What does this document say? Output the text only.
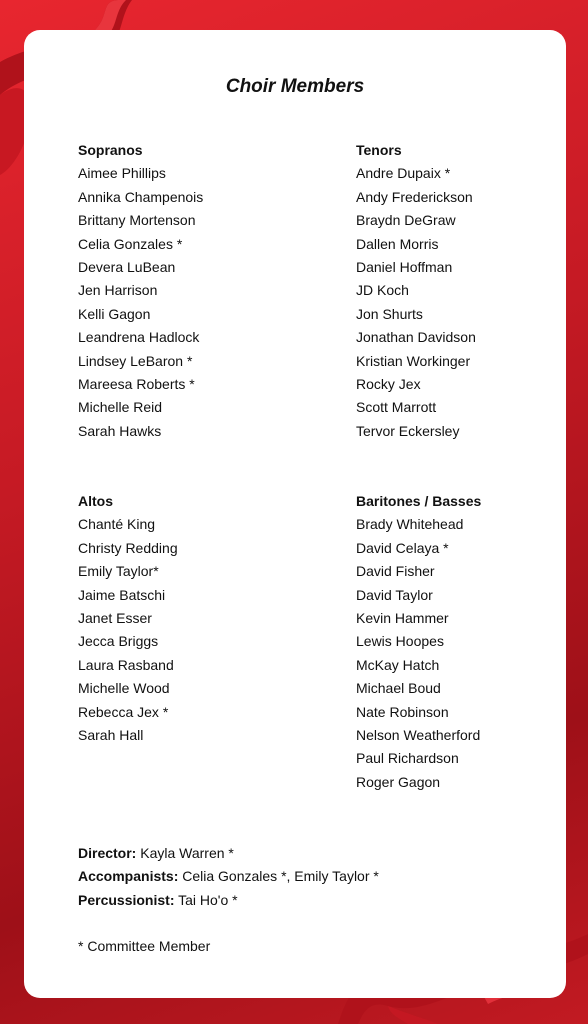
Choir Members
Sopranos
Aimee Phillips
Annika Champenois
Brittany Mortenson
Celia Gonzales *
Devera LuBean
Jen Harrison
Kelli Gagon
Leandrena Hadlock
Lindsey LeBaron *
Mareesa Roberts *
Michelle Reid
Sarah Hawks
Tenors
Andre Dupaix *
Andy Frederickson
Braydn DeGraw
Dallen Morris
Daniel Hoffman
JD Koch
Jon Shurts
Jonathan Davidson
Kristian Workinger
Rocky Jex
Scott Marrott
Tervor Eckersley
Altos
Chanté King
Christy Redding
Emily Taylor*
Jaime Batschi
Janet Esser
Jecca Briggs
Laura Rasband
Michelle Wood
Rebecca Jex *
Sarah Hall
Baritones / Basses
Brady Whitehead
David Celaya *
David Fisher
David Taylor
Kevin Hammer
Lewis Hoopes
McKay Hatch
Michael Boud
Nate Robinson
Nelson Weatherford
Paul Richardson
Roger Gagon
Director: Kayla Warren *
Accompanists: Celia Gonzales *, Emily Taylor *
Percussionist: Tai Ho'o *
* Committee Member
